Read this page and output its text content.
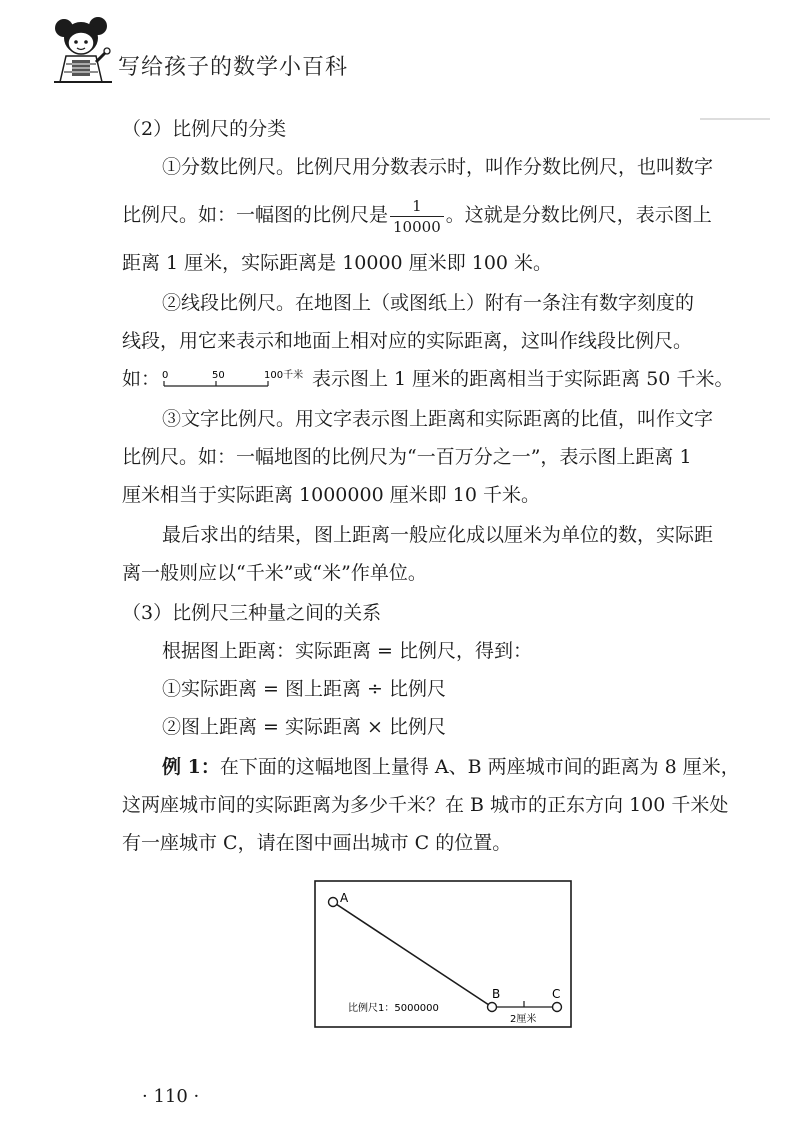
写给孩子的数学小百科

（2）比例尺的分类

①分数比例尺。比例尺用分数表示时，叫作分数比例尺，也叫数字

比例尺。如：一幅图的比例尺是 $\frac{1}{10000}$ 。这就是分数比例尺，表示图上

距离 1 厘米，实际距离是 10000 厘米即 100 米。

②线段比例尺。在地图上（或图纸上）附有一条注有数字刻度的

线段，用它来表示和地面上相对应的实际距离，这叫作线段比例尺。

如： 0	50	100千米 表示图上 1 厘米的距离相当于实际距离 50 千米。

③文字比例尺。用文字表示图上距离和实际距离的比值，叫作文字

比例尺。如：一幅地图的比例尺为“一百万分之一”，表示图上距离 1

厘米相当于实际距离 1000000 厘米即 10 千米。

最后求出的结果，图上距离一般应化成以厘米为单位的数，实际距

离一般则应以“千米”或“米”作单位。

（3）比例尺三种量之间的关系

根据图上距离：实际距离 = 比例尺，得到：

①实际距离 = 图上距离 ÷ 比例尺

②图上距离 = 实际距离 × 比例尺

例 1：在下面的这幅地图上量得 A、B 两座城市间的距离为 8 厘米，

这两座城市间的实际距离为多少千米？在 B 城市的正东方向 100 千米处

有一座城市 C，请在图中画出城市 C 的位置。

A
B	C
比例尺1：5000000
2厘米
· 110 ·
